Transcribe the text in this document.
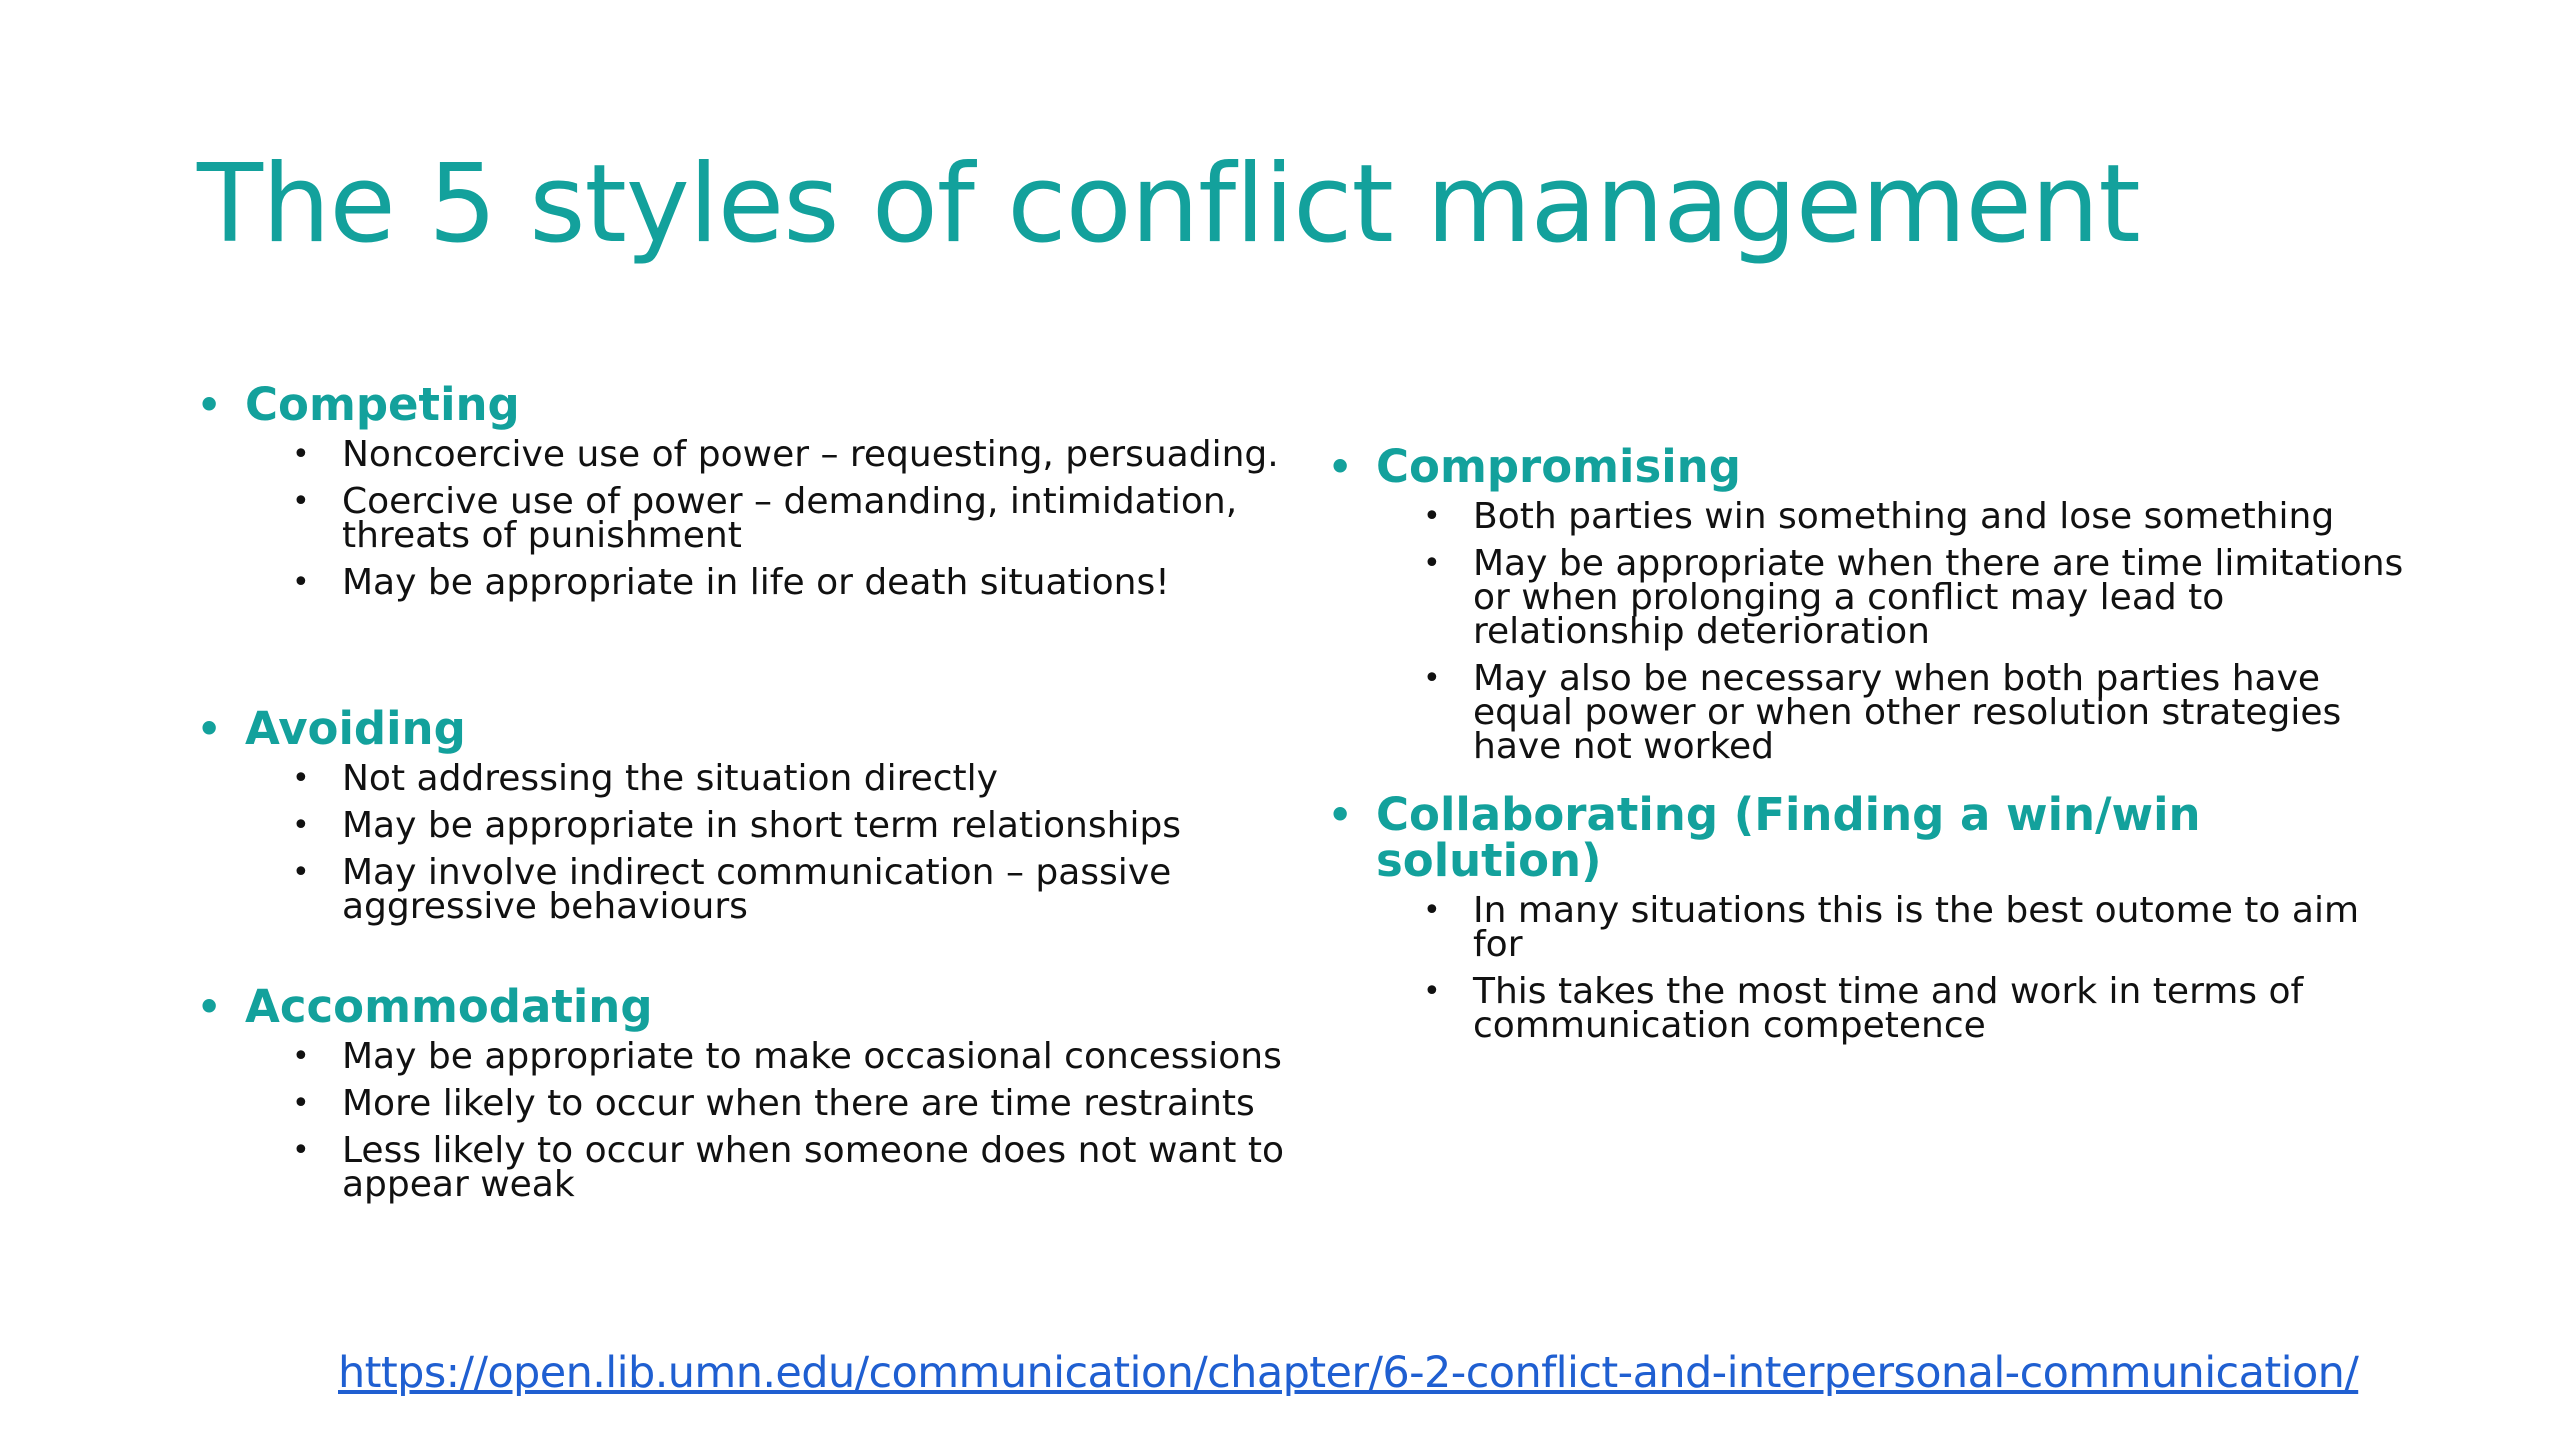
The 5 styles of conflict management
• Competing
• Noncoercive use of power – requesting, persuading.
• Coercive use of power – demanding, intimidation, threats of punishment
• May be appropriate in life or death situations!
• Avoiding
• Not addressing the situation directly
• May be appropriate in short term relationships
• May involve indirect communication – passive aggressive behaviours
• Accommodating
• May be appropriate to make occasional concessions
• More likely to occur when there are time restraints
• Less likely to occur when someone does not want to appear weak
• Compromising
• Both parties win something and lose something
• May be appropriate when there are time limitations or when prolonging a conflict may lead to relationship deterioration
• May also be necessary when both parties have equal power or when other resolution strategies have not worked
• Collaborating (Finding a win/win solution)
• In many situations this is the best outome to aim for
• This takes the most time and work in terms of communication competence
https://open.lib.umn.edu/communication/chapter/6-2-conflict-and-interpersonal-communication/
